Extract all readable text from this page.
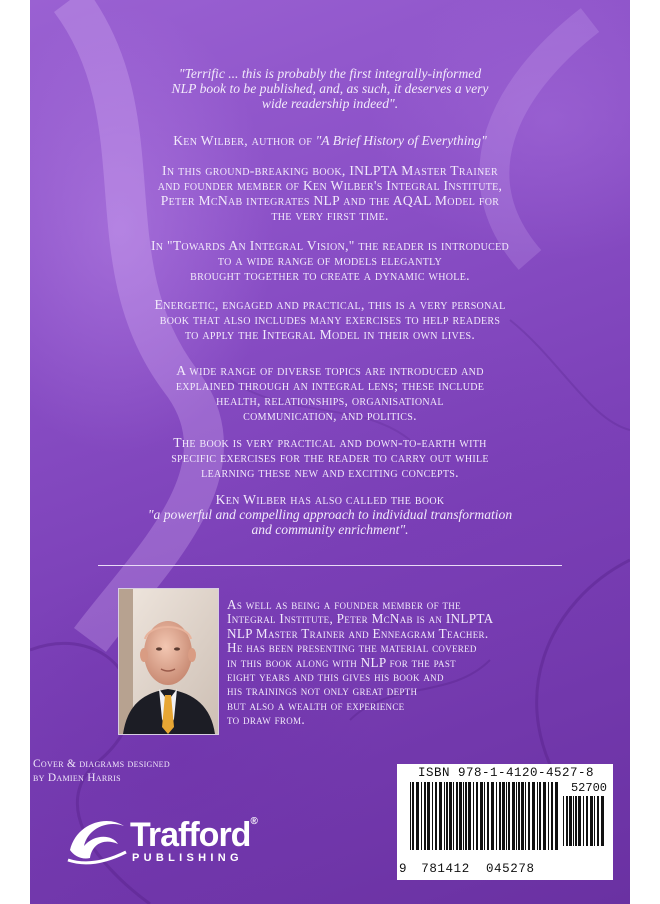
"Terrific ... this is probably the first integrally-informed
NLP book to be published, and, as such, it deserves a very
wide readership indeed".
Ken Wilber, author of "A Brief History of Everything"
In this ground-breaking book, INLPTA Master Trainer
and founder member of Ken Wilber's Integral Institute,
Peter McNab integrates NLP and the AQAL Model for
the very first time.
In "Towards An Integral Vision," the reader is introduced
to a wide range of models elegantly
brought together to create a dynamic whole.
Energetic, engaged and practical, this is a very personal
book that also includes many exercises to help readers
to apply the Integral Model in their own lives.
A wide range of diverse topics are introduced and
explained through an integral lens; these include
health, relationships, organisational
communication, and politics.
The book is very practical and down-to-earth with
specific exercises for the reader to carry out while
learning these new and exciting concepts.
Ken Wilber has also called the book
"a powerful and compelling approach to individual transformation
and community enrichment".
As well as being a founder member of the
Integral Institute, Peter McNab is an INLPTA
NLP Master Trainer and Enneagram Teacher.
He has been presenting the material covered
in this book along with NLP for the past
eight years and this gives his book and
his trainings not only great depth
but also a wealth of experience
to draw from.
Cover & diagrams designed
by Damien Harris
Trafford®
PUBLISHING
ISBN 978-1-4120-4527-8
52700
9 781412 045278
